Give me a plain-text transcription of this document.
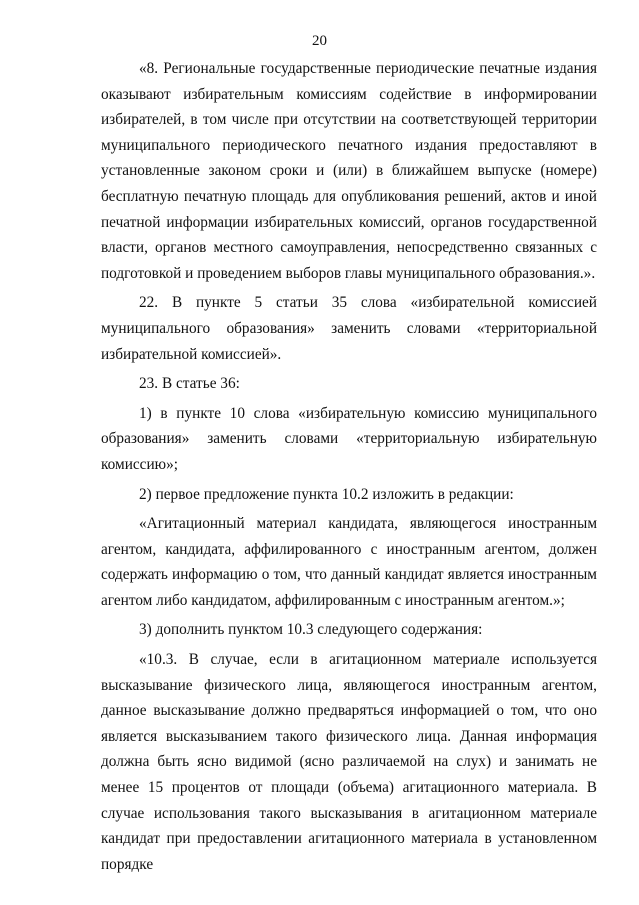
20

«8. Региональные государственные периодические печатные издания оказывают избирательным комиссиям содействие в информировании избирателей, в том числе при отсутствии на соответствующей территории муниципального периодического печатного издания предоставляют в установленные законом сроки и (или) в ближайшем выпуске (номере) бесплатную печатную площадь для опубликования решений, актов и иной печатной информации избирательных комиссий, органов государственной власти, органов местного самоуправления, непосредственно связанных с подготовкой и проведением выборов главы муниципального образования.».

22. В пункте 5 статьи 35 слова «избирательной комиссией муниципального образования» заменить словами «территориальной избирательной комиссией».

23. В статье 36:

1) в пункте 10 слова «избирательную комиссию муниципального образования» заменить словами «территориальную избирательную комиссию»;

2) первое предложение пункта 10.2 изложить в редакции:

«Агитационный материал кандидата, являющегося иностранным агентом, кандидата, аффилированного с иностранным агентом, должен содержать информацию о том, что данный кандидат является иностранным агентом либо кандидатом, аффилированным с иностранным агентом.»;

3) дополнить пунктом 10.3 следующего содержания:

«10.3. В случае, если в агитационном материале используется высказывание физического лица, являющегося иностранным агентом, данное высказывание должно предваряться информацией о том, что оно является высказыванием такого физического лица. Данная информация должна быть ясно видимой (ясно различаемой на слух) и занимать не менее 15 процентов от площади (объема) агитационного материала. В случае использования такого высказывания в агитационном материале кандидат при предоставлении агитационного материала в установленном порядке
